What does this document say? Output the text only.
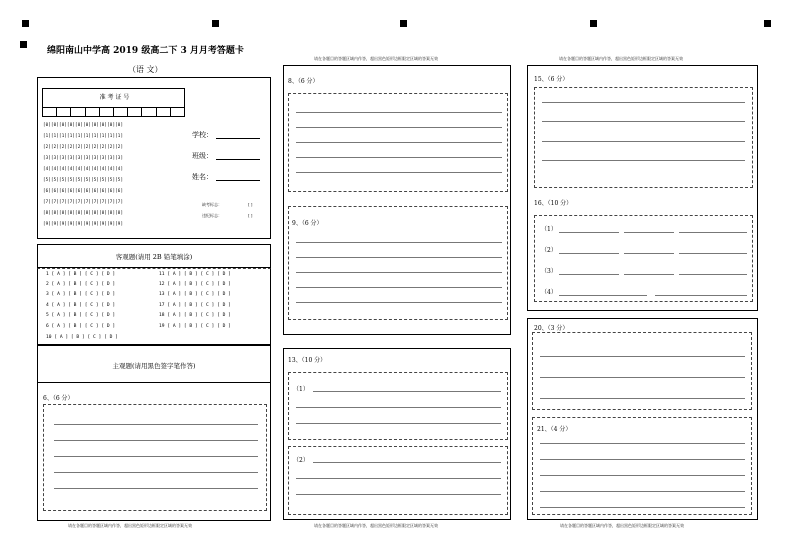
绵阳南山中学高 2019 级高二下 3 月月考答题卡
（语 文）
准 考 证 号
[0][0][0][0][0][0][0][0][0][0]
[1][1][1][1][1][1][1][1][1][1]
[2][2][2][2][2][2][2][2][2][2]
[3][3][3][3][3][3][3][3][3][3]
[4][4][4][4][4][4][4][4][4][4]
[5][5][5][5][5][5][5][5][5][5]
[6][6][6][6][6][6][6][6][6][6]
[7][7][7][7][7][7][7][7][7][7]
[8][8][8][8][8][8][8][8][8][8]
[9][9][9][9][9][9][9][9][9][9]
学校：
班级：
姓名：
缺考标志：	[ ]
违纪标志：	[ ]
客观题(请用 2B 铅笔填涂)
1 [ A ] [ B ] [ C ] [ D ]
2 [ A ] [ B ] [ C ] [ D ]
3 [ A ] [ B ] [ C ] [ D ]
4 [ A ] [ B ] [ C ] [ D ]
5 [ A ] [ B ] [ C ] [ D ]
6 [ A ] [ B ] [ C ] [ D ]
10 [ A ] [ B ] [ C ] [ D ]
11 [ A ] [ B ] [ C ] [ D ]
12 [ A ] [ B ] [ C ] [ D ]
13 [ A ] [ B ] [ C ] [ D ]
17 [ A ] [ B ] [ C ] [ D ]
18 [ A ] [ B ] [ C ] [ D ]
19 [ A ] [ B ] [ C ] [ D ]
主观题(请用黑色签字笔作答)
6、（6 分）
请在各题目的答题区域内作答，超出黑色矩形边框限定区域的答案无效
请在各题目的答题区域内作答，超出黑色矩形边框限定区域的答案无效
8、（6 分）
9、（6 分）
13、（10 分）
（1）
（2）
请在各题目的答题区域内作答，超出黑色矩形边框限定区域的答案无效
请在各题目的答题区域内作答，超出黑色矩形边框限定区域的答案无效
15、（6 分）
16、（10 分）
（1）
（2）
（3）
（4）
20、（3 分）
21、（4 分）
请在各题目的答题区域内作答，超出黑色矩形边框限定区域的答案无效
